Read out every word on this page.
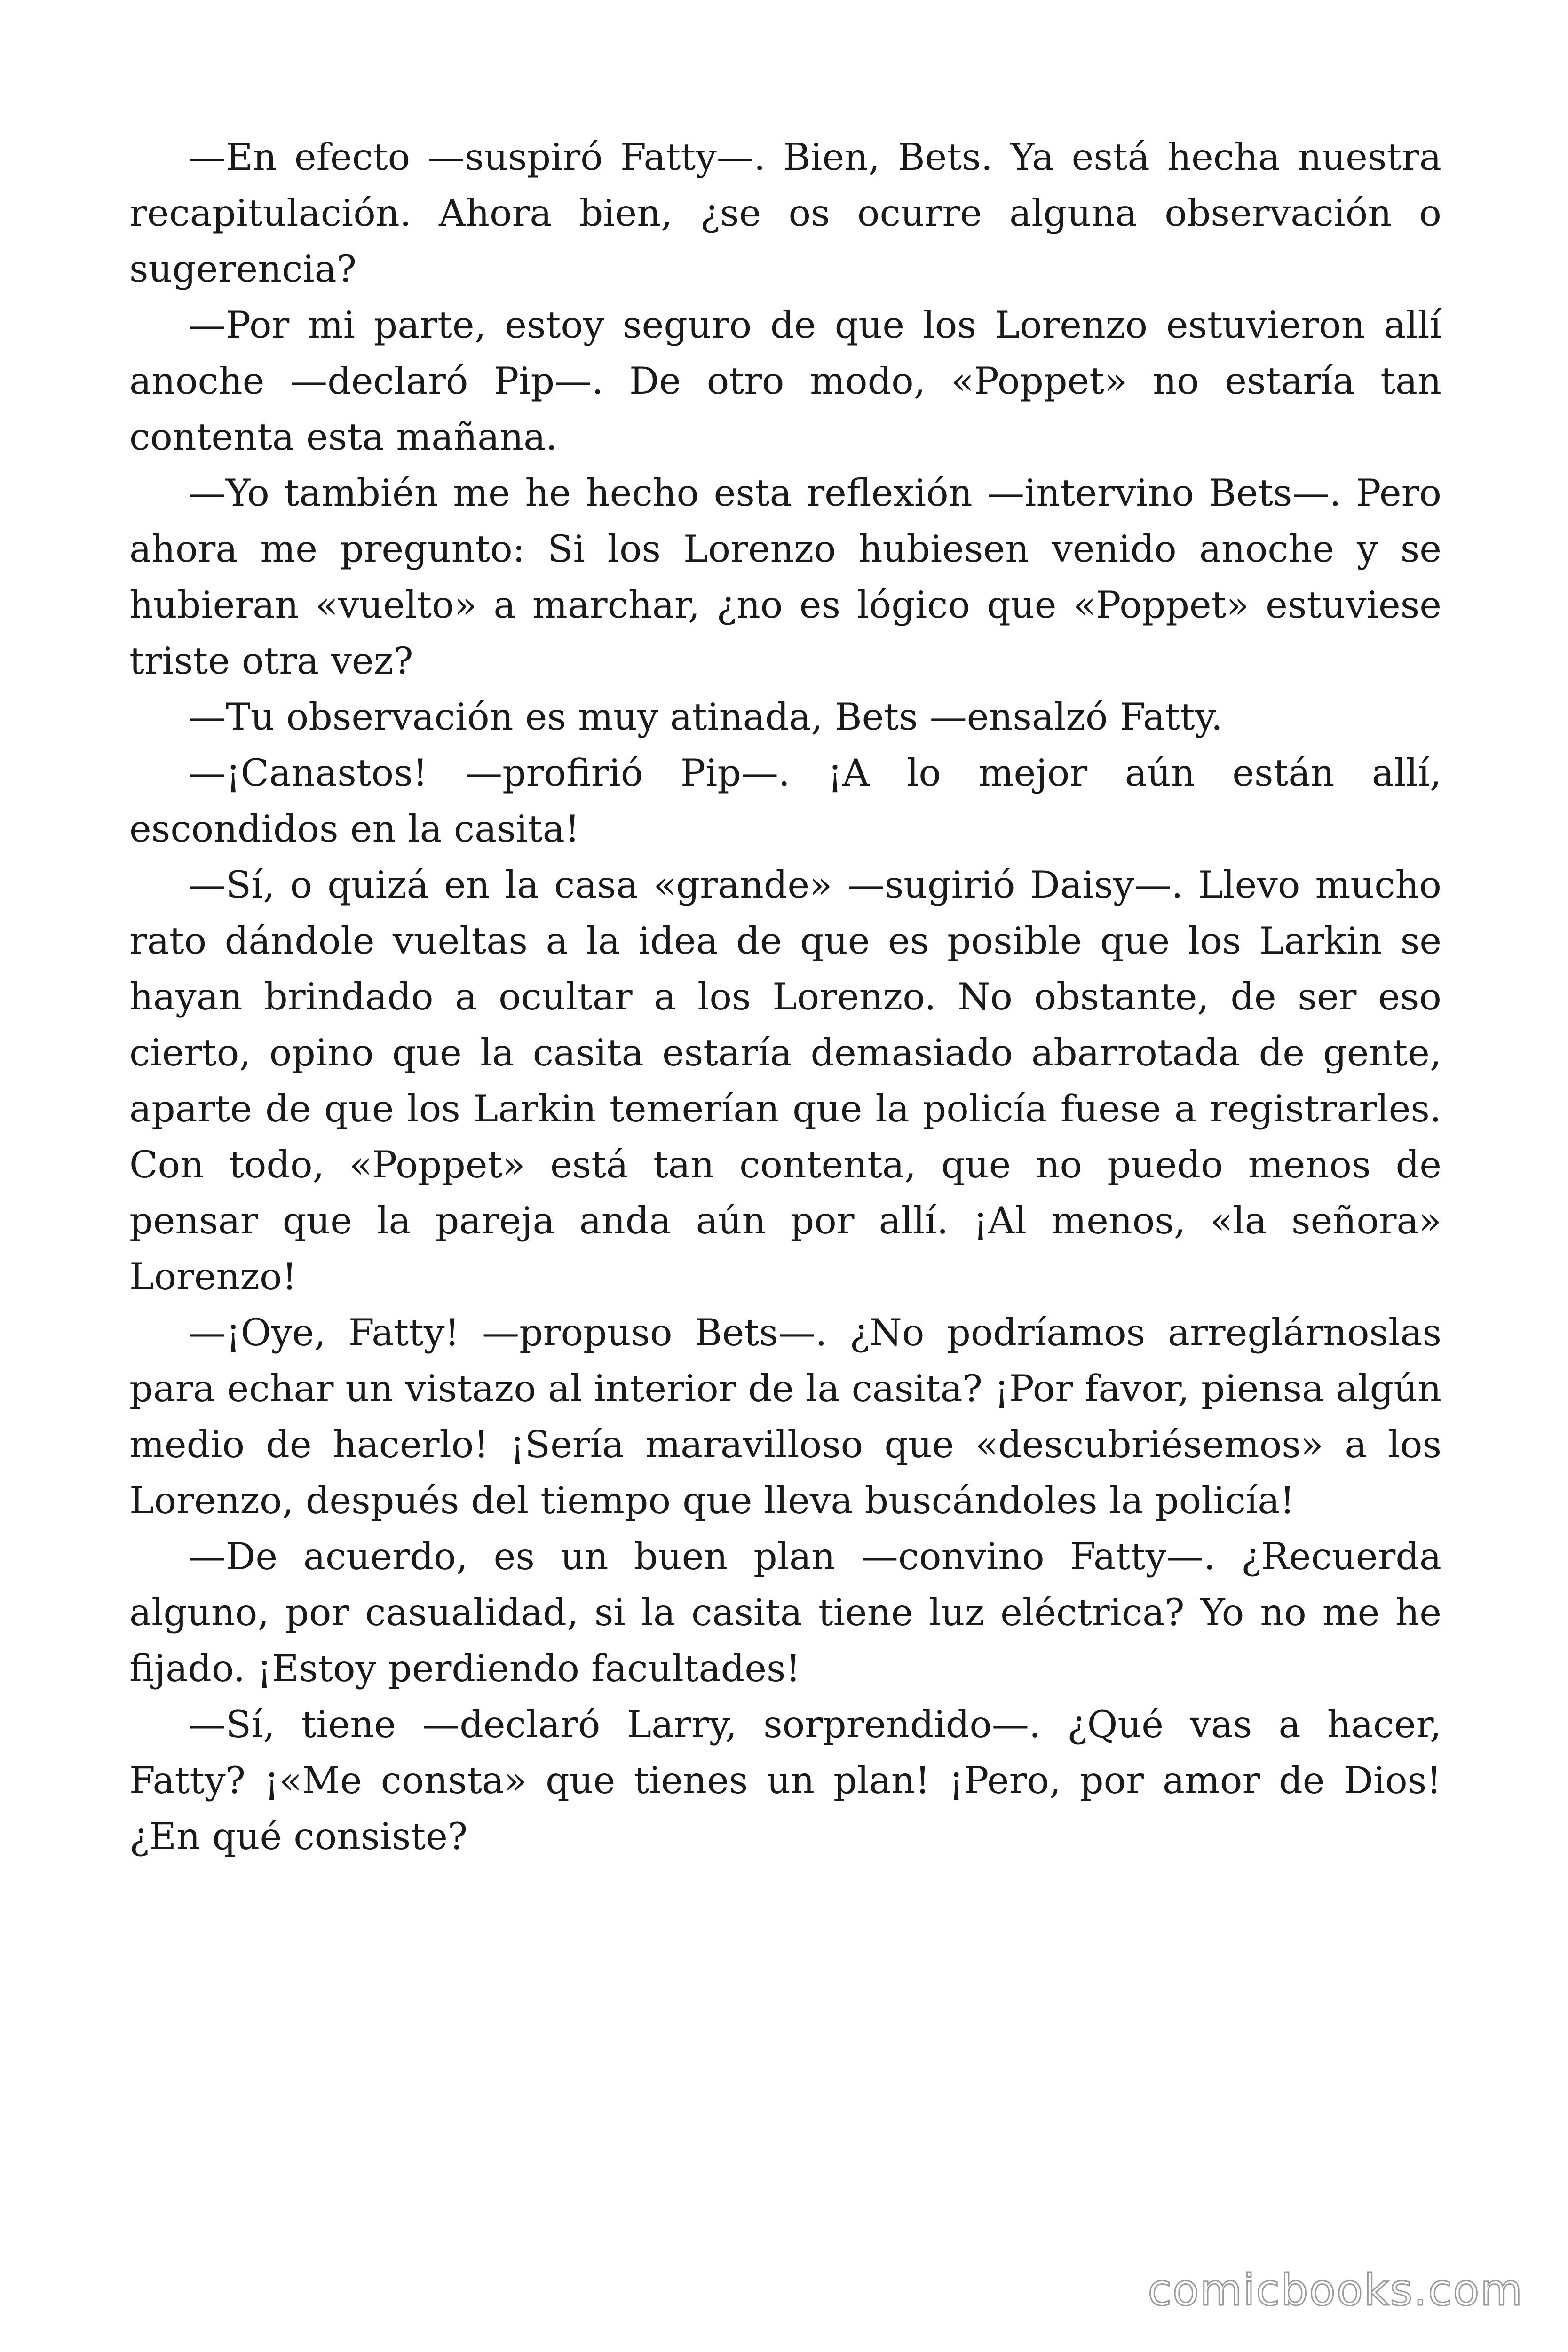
—En efecto —suspiró Fatty—. Bien, Bets. Ya está hecha nuestra recapitulación. Ahora bien, ¿se os ocurre alguna observación o sugerencia?

—Por mi parte, estoy seguro de que los Lorenzo estuvieron allí anoche —declaró Pip—. De otro modo, «Poppet» no estaría tan contenta esta mañana.

—Yo también me he hecho esta reflexión —intervino Bets—. Pero ahora me pregunto: Si los Lorenzo hubiesen venido anoche y se hubieran «vuelto» a marchar, ¿no es lógico que «Poppet» estuviese triste otra vez?

—Tu observación es muy atinada, Bets —ensalzó Fatty.

—¡Canastos! —profirió Pip—. ¡A lo mejor aún están allí, escondidos en la casita!

—Sí, o quizá en la casa «grande» —sugirió Daisy—. Llevo mucho rato dándole vueltas a la idea de que es posible que los Larkin se hayan brindado a ocultar a los Lorenzo. No obstante, de ser eso cierto, opino que la casita estaría demasiado abarrotada de gente, aparte de que los Larkin temerían que la policía fuese a registrarles. Con todo, «Poppet» está tan contenta, que no puedo menos de pensar que la pareja anda aún por allí. ¡Al menos, «la señora» Lorenzo!

—¡Oye, Fatty! —propuso Bets—. ¿No podríamos arreglárnoslas para echar un vistazo al interior de la casita? ¡Por favor, piensa algún medio de hacerlo! ¡Sería maravilloso que «descubriésemos» a los Lorenzo, después del tiempo que lleva buscándoles la policía!

—De acuerdo, es un buen plan —convino Fatty—. ¿Recuerda alguno, por casualidad, si la casita tiene luz eléctrica? Yo no me he fijado. ¡Estoy perdiendo facultades!

—Sí, tiene —declaró Larry, sorprendido—. ¿Qué vas a hacer, Fatty? ¡«Me consta» que tienes un plan! ¡Pero, por amor de Dios! ¿En qué consiste?

comicbooks.com
